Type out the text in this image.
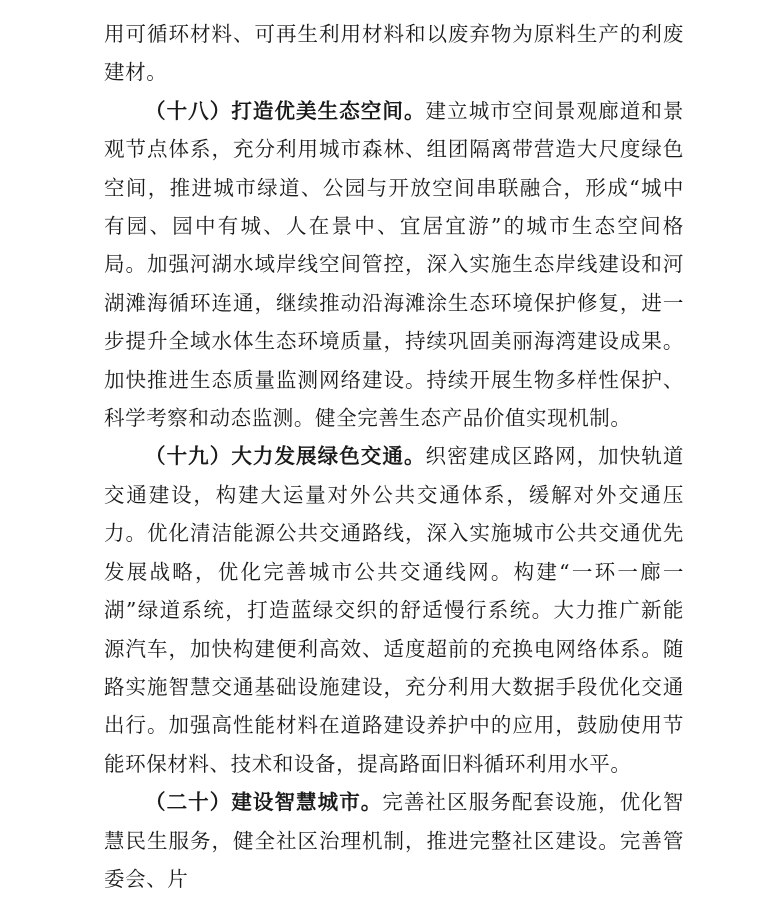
用可循环材料、可再生利用材料和以废弃物为原料生产的利废建材。

（十八）打造优美生态空间。建立城市空间景观廊道和景观节点体系，充分利用城市森林、组团隔离带营造大尺度绿色空间，推进城市绿道、公园与开放空间串联融合，形成“城中有园、园中有城、人在景中、宜居宜游”的城市生态空间格局。加强河湖水域岸线空间管控，深入实施生态岸线建设和河湖滩海循环连通，继续推动沿海滩涂生态环境保护修复，进一步提升全域水体生态环境质量，持续巩固美丽海湾建设成果。加快推进生态质量监测网络建设。持续开展生物多样性保护、科学考察和动态监测。健全完善生态产品价值实现机制。

（十九）大力发展绿色交通。织密建成区路网，加快轨道交通建设，构建大运量对外公共交通体系，缓解对外交通压力。优化清洁能源公共交通路线，深入实施城市公共交通优先发展战略，优化完善城市公共交通线网。构建“一环一廊一湖”绿道系统，打造蓝绿交织的舒适慢行系统。大力推广新能源汽车，加快构建便利高效、适度超前的充换电网络体系。随路实施智慧交通基础设施建设，充分利用大数据手段优化交通出行。加强高性能材料在道路建设养护中的应用，鼓励使用节能环保材料、技术和设备，提高路面旧料循环利用水平。

（二十）建设智慧城市。完善社区服务配套设施，优化智慧民生服务，健全社区治理机制，推进完整社区建设。完善管委会、片
